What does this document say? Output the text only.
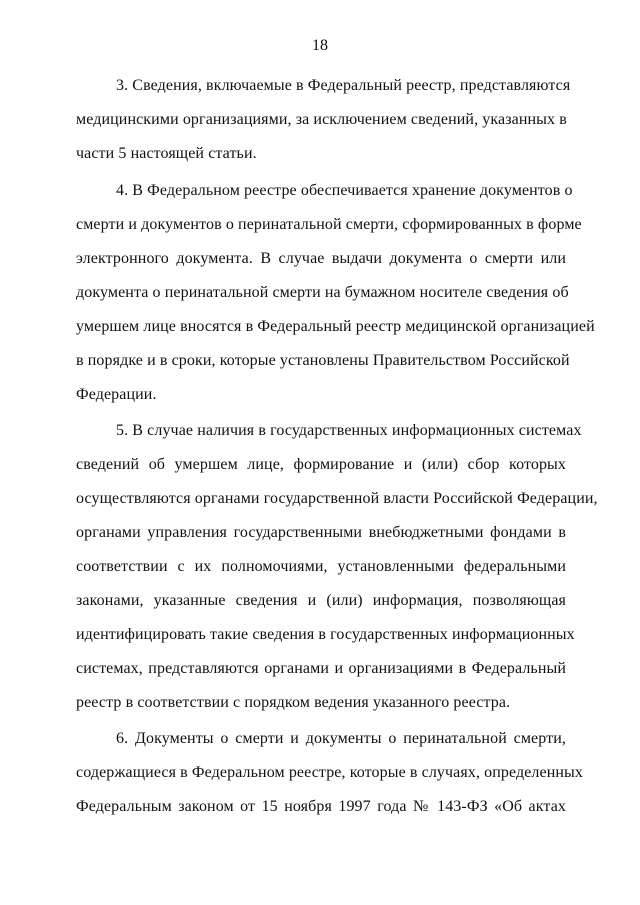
18
3. Сведения, включаемые в Федеральный реестр, представляются
медицинскими организациями, за исключением сведений, указанных в
части 5 настоящей статьи.
4. В Федеральном реестре обеспечивается хранение документов о
смерти и документов о перинатальной смерти, сформированных в форме
электронного документа. В случае выдачи документа о смерти или
документа о перинатальной смерти на бумажном носителе сведения об
умершем лице вносятся в Федеральный реестр медицинской организацией
в порядке и в сроки, которые установлены Правительством Российской
Федерации.
5. В случае наличия в государственных информационных системах
сведений об умершем лице, формирование и (или) сбор которых
осуществляются органами государственной власти Российской Федерации,
органами управления государственными внебюджетными фондами в
соответствии с их полномочиями, установленными федеральными
законами, указанные сведения и (или) информация, позволяющая
идентифицировать такие сведения в государственных информационных
системах, представляются органами и организациями в Федеральный
реестр в соответствии с порядком ведения указанного реестра.
6. Документы о смерти и документы о перинатальной смерти,
содержащиеся в Федеральном реестре, которые в случаях, определенных
Федеральным законом от 15 ноября 1997 года № 143-ФЗ «Об актах
